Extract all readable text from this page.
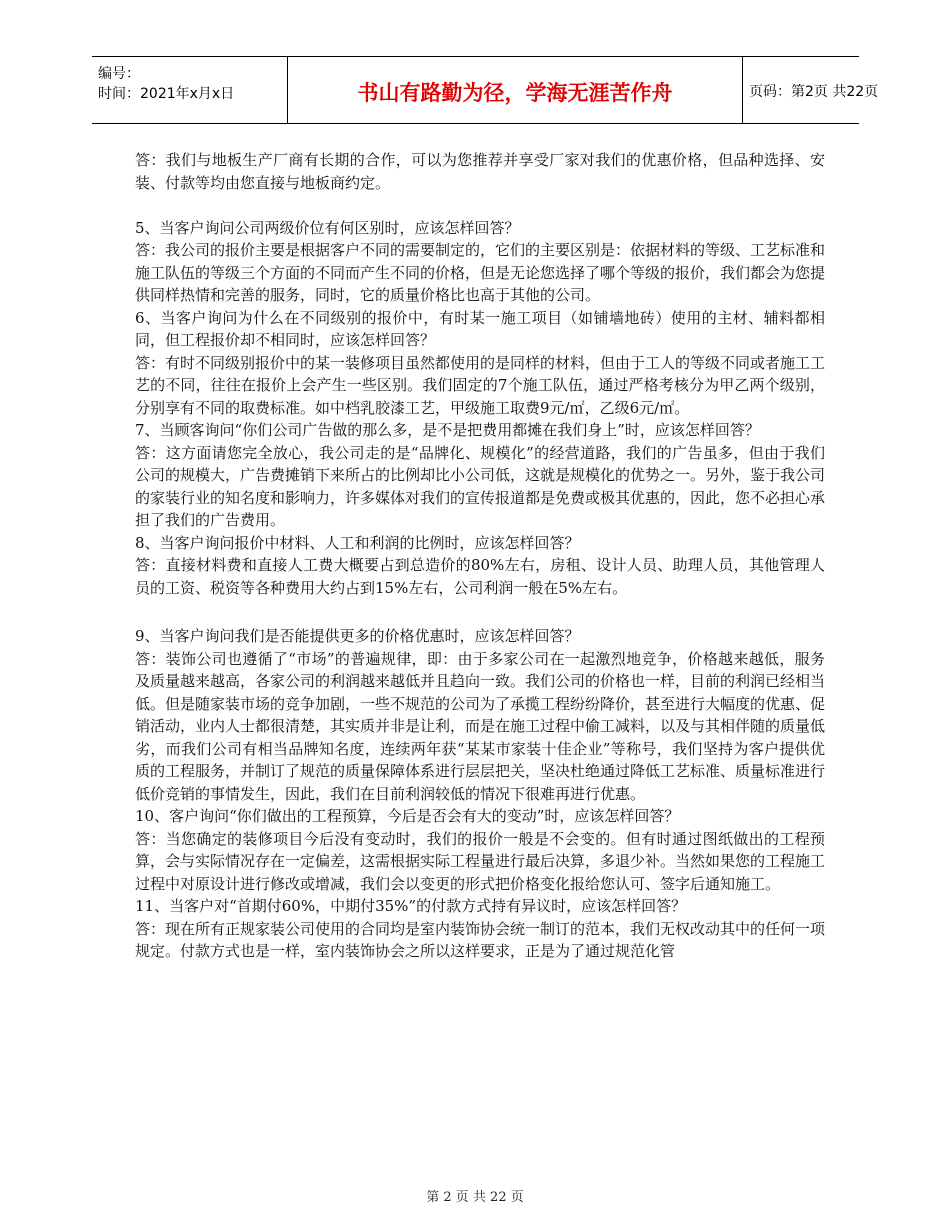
编号：
时间：2021年x月x日	书山有路勤为径，学海无涯苦作舟	页码：第2页 共22页

答：我们与地板生产厂商有长期的合作，可以为您推荐并享受厂家对我们的优惠价格，但品种选择、安装、付款等均由您直接与地板商约定。

5、当客户询问公司两级价位有何区别时，应该怎样回答？

答：我公司的报价主要是根据客户不同的需要制定的，它们的主要区别是：依据材料的等级、工艺标准和施工队伍的等级三个方面的不同而产生不同的价格，但是无论您选择了哪个等级的报价，我们都会为您提供同样热情和完善的服务，同时，它的质量价格比也高于其他的公司。

6、当客户询问为什么在不同级别的报价中，有时某一施工项目（如铺墙地砖）使用的主材、辅料都相同，但工程报价却不相同时，应该怎样回答？

答：有时不同级别报价中的某一装修项目虽然都使用的是同样的材料，但由于工人的等级不同或者施工工艺的不同，往往在报价上会产生一些区别。我们固定的7个施工队伍，通过严格考核分为甲乙两个级别，分别享有不同的取费标准。如中档乳胶漆工艺，甲级施工取费9元/㎡，乙级6元/㎡。

7、当顾客询问“你们公司广告做的那么多，是不是把费用都摊在我们身上”时，应该怎样回答？

答：这方面请您完全放心，我公司走的是“品牌化、规模化”的经营道路，我们的广告虽多，但由于我们公司的规模大，广告费摊销下来所占的比例却比小公司低，这就是规模化的优势之一。另外，鉴于我公司的家装行业的知名度和影响力，许多媒体对我们的宣传报道都是免费或极其优惠的，因此，您不必担心承担了我们的广告费用。

8、当客户询问报价中材料、人工和利润的比例时，应该怎样回答？

答：直接材料费和直接人工费大概要占到总造价的80%左右，房租、设计人员、助理人员，其他管理人员的工资、税资等各种费用大约占到15%左右，公司利润一般在5%左右。

9、当客户询问我们是否能提供更多的价格优惠时，应该怎样回答？

答：装饰公司也遵循了“市场”的普遍规律，即：由于多家公司在一起激烈地竞争，价格越来越低，服务及质量越来越高，各家公司的利润越来越低并且趋向一致。我们公司的价格也一样，目前的利润已经相当低。但是随家装市场的竞争加剧，一些不规范的公司为了承揽工程纷纷降价，甚至进行大幅度的优惠、促销活动，业内人士都很清楚，其实质并非是让利，而是在施工过程中偷工减料，以及与其相伴随的质量低劣，而我们公司有相当品牌知名度，连续两年获“某某市家装十佳企业”等称号，我们坚持为客户提供优质的工程服务，并制订了规范的质量保障体系进行层层把关，坚决杜绝通过降低工艺标准、质量标准进行低价竞销的事情发生，因此，我们在目前利润较低的情况下很难再进行优惠。

10、客户询问“你们做出的工程预算，今后是否会有大的变动”时，应该怎样回答？

答：当您确定的装修项目今后没有变动时，我们的报价一般是不会变的。但有时通过图纸做出的工程预算，会与实际情况存在一定偏差，这需根据实际工程量进行最后决算，多退少补。当然如果您的工程施工过程中对原设计进行修改或增减，我们会以变更的形式把价格变化报给您认可、签字后通知施工。

11、当客户对“首期付60%，中期付35%”的付款方式持有异议时，应该怎样回答？

答：现在所有正规家装公司使用的合同均是室内装饰协会统一制订的范本，我们无权改动其中的任何一项规定。付款方式也是一样，室内装饰协会之所以这样要求，正是为了通过规范化管

第 2 页 共 22 页
